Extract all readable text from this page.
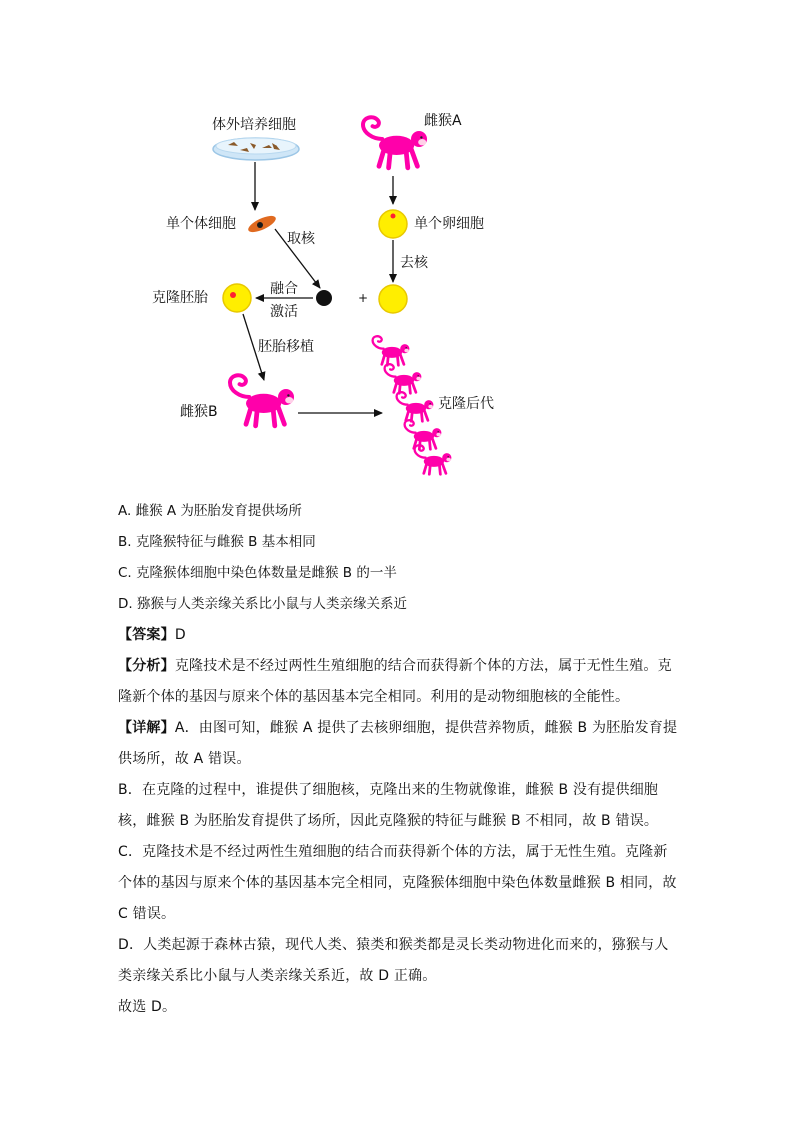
体外培养细胞	雌猴A
单个体细胞
取核
单个卵细胞
去核
克隆胚胎
融合
激活
+
胚胎移植
雌猴B	克隆后代
A. 雌猴 A 为胚胎发育提供场所
B. 克隆猴特征与雌猴 B 基本相同
C. 克隆猴体细胞中染色体数量是雌猴 B 的一半
D. 猕猴与人类亲缘关系比小鼠与人类亲缘关系近
【答案】D
【分析】克隆技术是不经过两性生殖细胞的结合而获得新个体的方法，属于无性生殖。克隆新个体的基因与原来个体的基因基本完全相同。利用的是动物细胞核的全能性。
【详解】A．由图可知，雌猴 A 提供了去核卵细胞，提供营养物质，雌猴 B 为胚胎发育提供场所，故 A 错误。
B．在克隆的过程中，谁提供了细胞核，克隆出来的生物就像谁，雌猴 B 没有提供细胞核，雌猴 B 为胚胎发育提供了场所，因此克隆猴的特征与雌猴 B 不相同，故 B 错误。
C．克隆技术是不经过两性生殖细胞的结合而获得新个体的方法，属于无性生殖。克隆新个体的基因与原来个体的基因基本完全相同，克隆猴体细胞中染色体数量雌猴 B 相同，故 C 错误。
D．人类起源于森林古猿，现代人类、猿类和猴类都是灵长类动物进化而来的，猕猴与人类亲缘关系比小鼠与人类亲缘关系近，故 D 正确。
故选 D。
